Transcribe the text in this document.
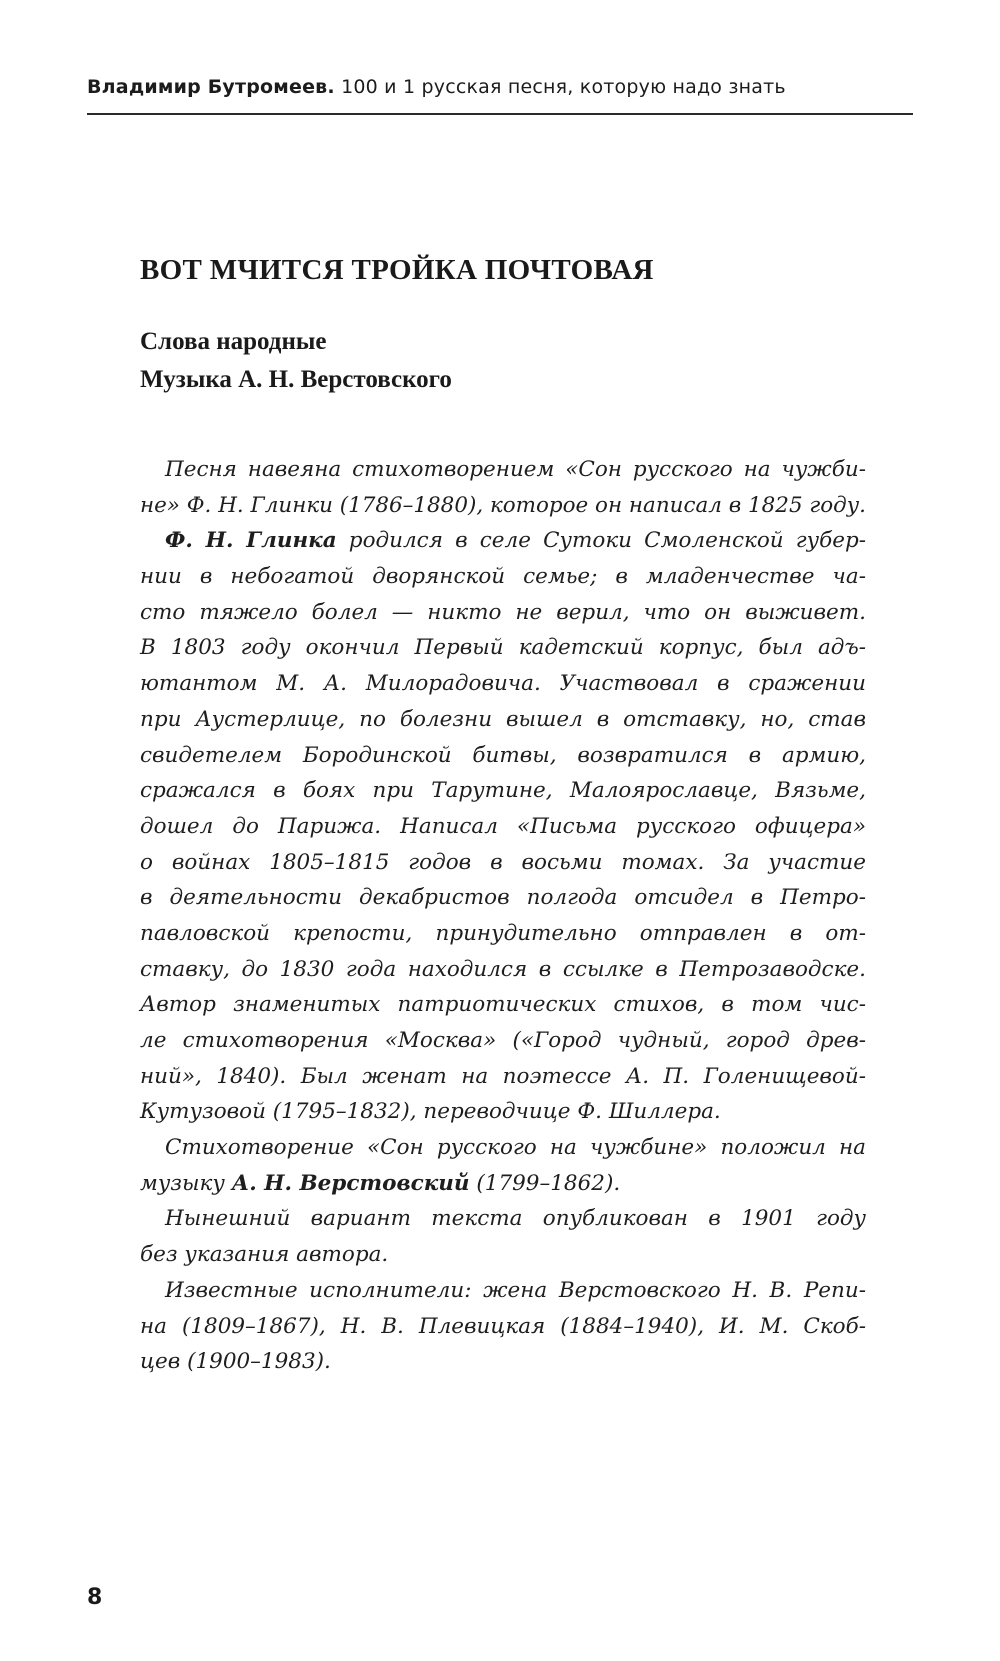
Владимир Бутромеев. 100 и 1 русская песня, которую надо знать
ВОТ МЧИТСЯ ТРОЙКА ПОЧТОВАЯ
Слова народные
Музыка А. Н. Верстовского
Песня навеяна стихотворением «Сон русского на чужби-
не» Ф. Н. Глинки (1786–1880), которое он написал в 1825 году.
Ф. Н. Глинка родился в селе Сутоки Смоленской губер-
нии в небогатой дворянской семье; в младенчестве ча-
сто тяжело болел — никто не верил, что он выживет.
В 1803 году окончил Первый кадетский корпус, был адъ-
ютантом М. А. Милорадовича. Участвовал в сражении
при Аустерлице, по болезни вышел в отставку, но, став
свидетелем Бородинской битвы, возвратился в армию,
сражался в боях при Тарутине, Малоярославце, Вязьме,
дошел до Парижа. Написал «Письма русского офицера»
о войнах 1805–1815 годов в восьми томах. За участие
в деятельности декабристов полгода отсидел в Петро-
павловской крепости, принудительно отправлен в от-
ставку, до 1830 года находился в ссылке в Петрозаводске.
Автор знаменитых патриотических стихов, в том чис-
ле стихотворения «Москва» («Город чудный, город древ-
ний», 1840). Был женат на поэтессе А. П. Голенищевой-
Кутузовой (1795–1832), переводчице Ф. Шиллера.
Стихотворение «Сон русского на чужбине» положил на
музыку А. Н. Верстовский (1799–1862).
Нынешний вариант текста опубликован в 1901 году
без указания автора.
Известные исполнители: жена Верстовского Н. В. Репи-
на (1809–1867), Н. В. Плевицкая (1884–1940), И. М. Скоб-
цев (1900–1983).
8
